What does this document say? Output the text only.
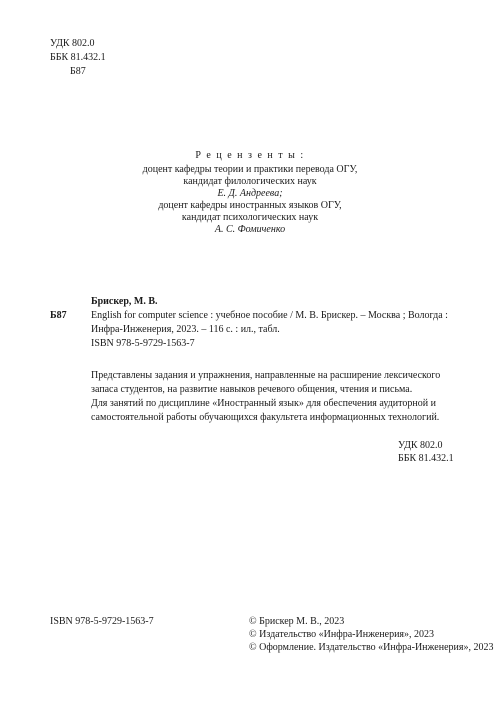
УДК 802.0
ББК 81.432.1
Б87
Р е ц е н з е н т ы :
доцент кафедры теории и практики перевода ОГУ,
кандидат филологических наук
Е. Д. Андреева;
доцент кафедры иностранных языков ОГУ,
кандидат психологических наук
А. С. Фомиченко
Брискер, М. В.
Б87 English for computer science : учебное пособие / М. В. Брискер. – Москва ; Вологда :
Инфра-Инженерия, 2023. – 116 с. : ил., табл.
ISBN 978-5-9729-1563-7
Представлены задания и упражнения, направленные на расширение лексического
запаса студентов, на развитие навыков речевого общения, чтения и письма.
Для занятий по дисциплине «Иностранный язык» для обеспечения аудиторной и
самостоятельной работы обучающихся факультета информационных технологий.
УДК 802.0
ББК 81.432.1
ISBN 978-5-9729-1563-7	© Брискер М. В., 2023
© Издательство «Инфра-Инженерия», 2023
© Оформление. Издательство «Инфра-Инженерия», 2023
